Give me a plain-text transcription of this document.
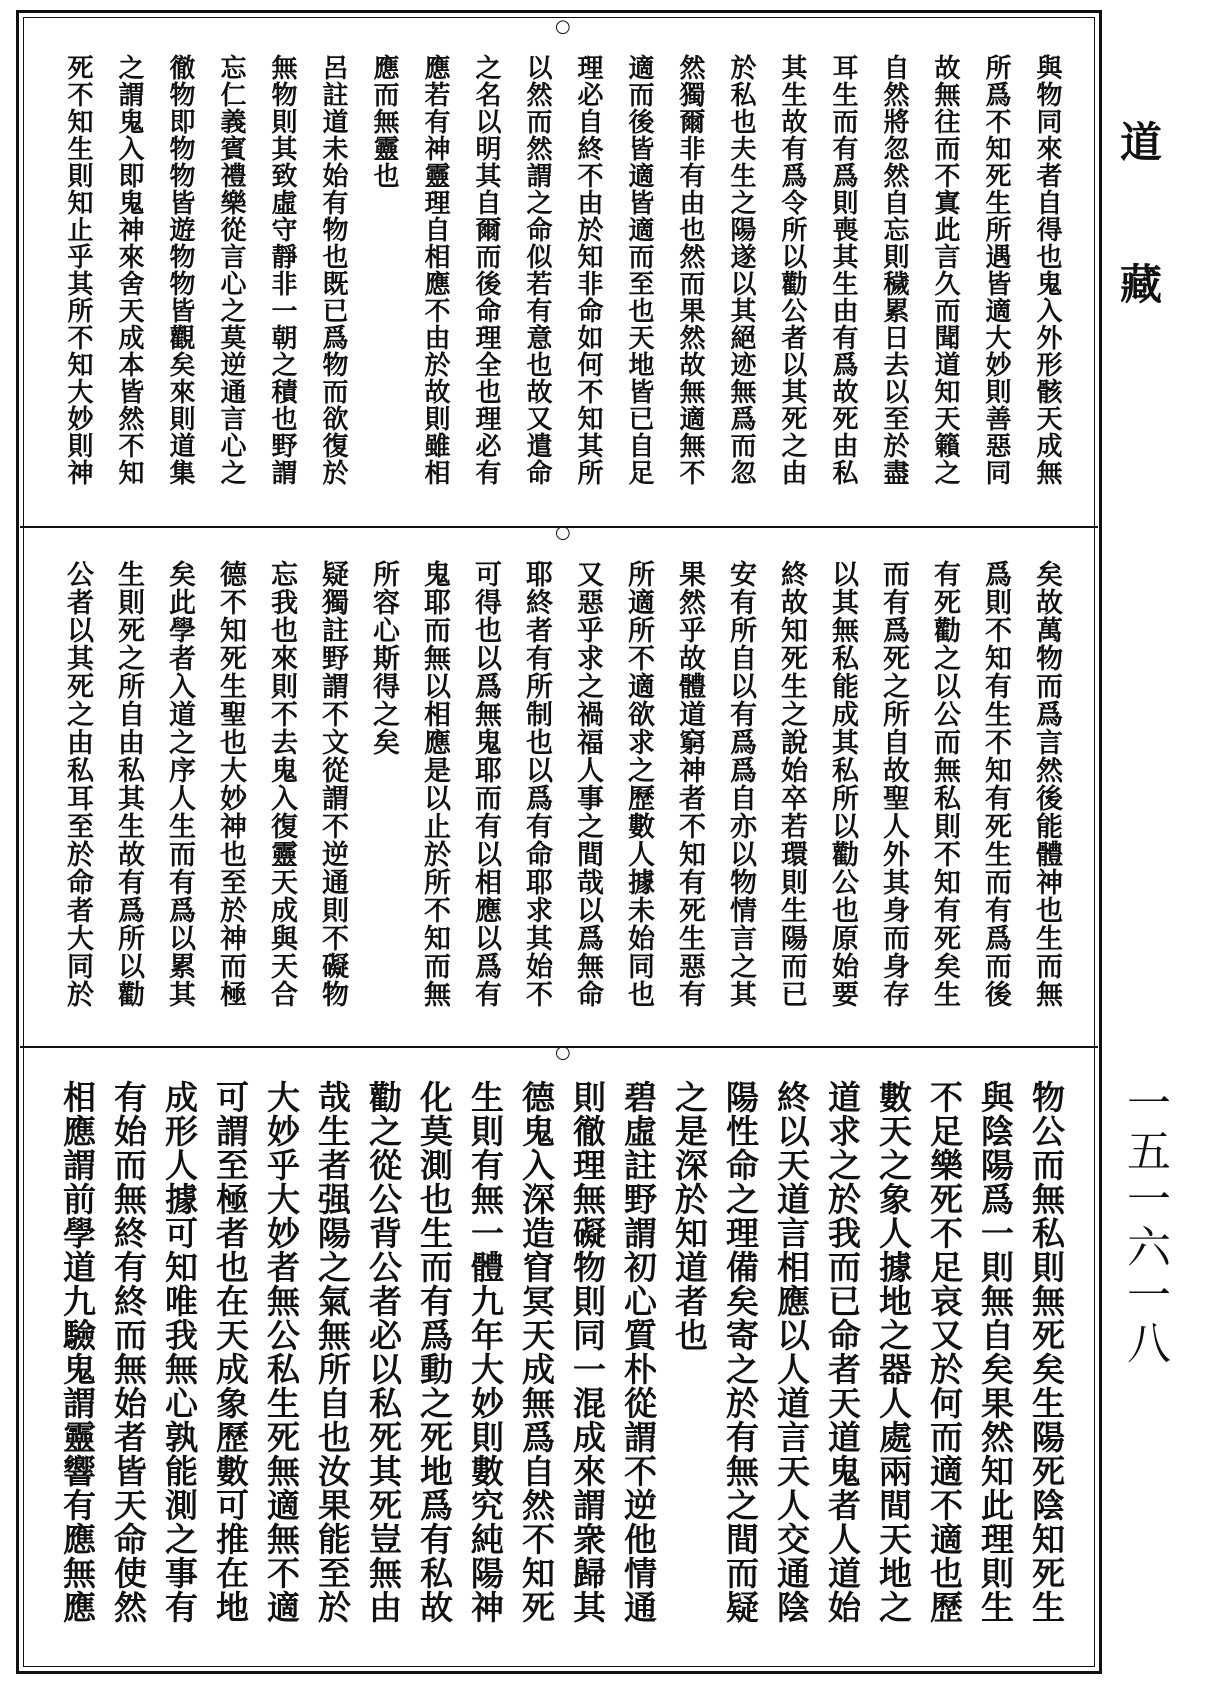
○
與物同來者自得也鬼入外形骸天成無
所爲不知死生所遇皆適大妙則善惡同
故無往而不寘此言久而聞道知天籟之
自然將忽然自忘則穢累日去以至於盡
耳生而有爲則喪其生由有爲故死由私
其生故有爲令所以勸公者以其死之由
於私也夫生之陽遂以其絕迹無爲而忽
然獨爾非有由也然而果然故無適無不
適而後皆適皆適而至也天地皆已自足
理必自終不由於知非命如何不知其所
以然而然謂之命似若有意也故又遣命
之名以明其自爾而後命理全也理必有
應若有神靈理自相應不由於故則雖相
應而無靈也
呂註道未始有物也既已爲物而欲復於
無物則其致虛守靜非一朝之積也野謂
忘仁義賓禮樂從言心之莫逆通言心之
徹物即物物皆遊物物皆觀矣來則道集
之謂鬼入即鬼神來舍天成本皆然不知
死不知生則知止乎其所不知大妙則神
○
矣故萬物而爲言然後能體神也生而無
爲則不知有生不知有死生而有爲而後
有死勸之以公而無私則不知有死矣生
而有爲死之所自故聖人外其身而身存
以其無私能成其私所以勸公也原始要
終故知死生之說始卒若環則生陽而已
安有所自以有爲爲自亦以物情言之其
果然乎故體道窮神者不知有死生惡有
所適所不適欲求之歷數人據未始同也
又惡乎求之禍福人事之間哉以爲無命
耶終者有所制也以爲有命耶求其始不
可得也以爲無鬼耶而有以相應以爲有
鬼耶而無以相應是以止於所不知而無
所容心斯得之矣
疑獨註野謂不文從謂不逆通則不礙物
忘我也來則不去鬼入復靈天成與天合
德不知死生聖也大妙神也至於神而極
矣此學者入道之序人生而有爲以累其
生則死之所自由私其生故有爲所以勸
公者以其死之由私耳至於命者大同於
○
物公而無私則無死矣生陽死陰知死生
與陰陽爲一則無自矣果然知此理則生
不足樂死不足哀又於何而適不適也歷
數天之象人據地之器人處兩間天地之
道求之於我而已命者天道鬼者人道始
終以天道言相應以人道言天人交通陰
陽性命之理備矣寄之於有無之間而疑
之是深於知道者也
碧虛註野謂初心質朴從謂不逆他情通
則徹理無礙物則同一混成來謂衆歸其
德鬼入深造窅冥天成無爲自然不知死
生則有無一體九年大妙則數究純陽神
化莫測也生而有爲動之死地爲有私故
勸之從公背公者必以私死其死豈無由
哉生者强陽之氣無所自也汝果能至於
大妙乎大妙者無公私生死無適無不適
可謂至極者也在天成象歷數可推在地
成形人據可知唯我無心孰能測之事有
有始而無終有終而無始者皆天命使然
相應謂前學道九驗鬼謂靈響有應無應
道藏
一五一六一八
